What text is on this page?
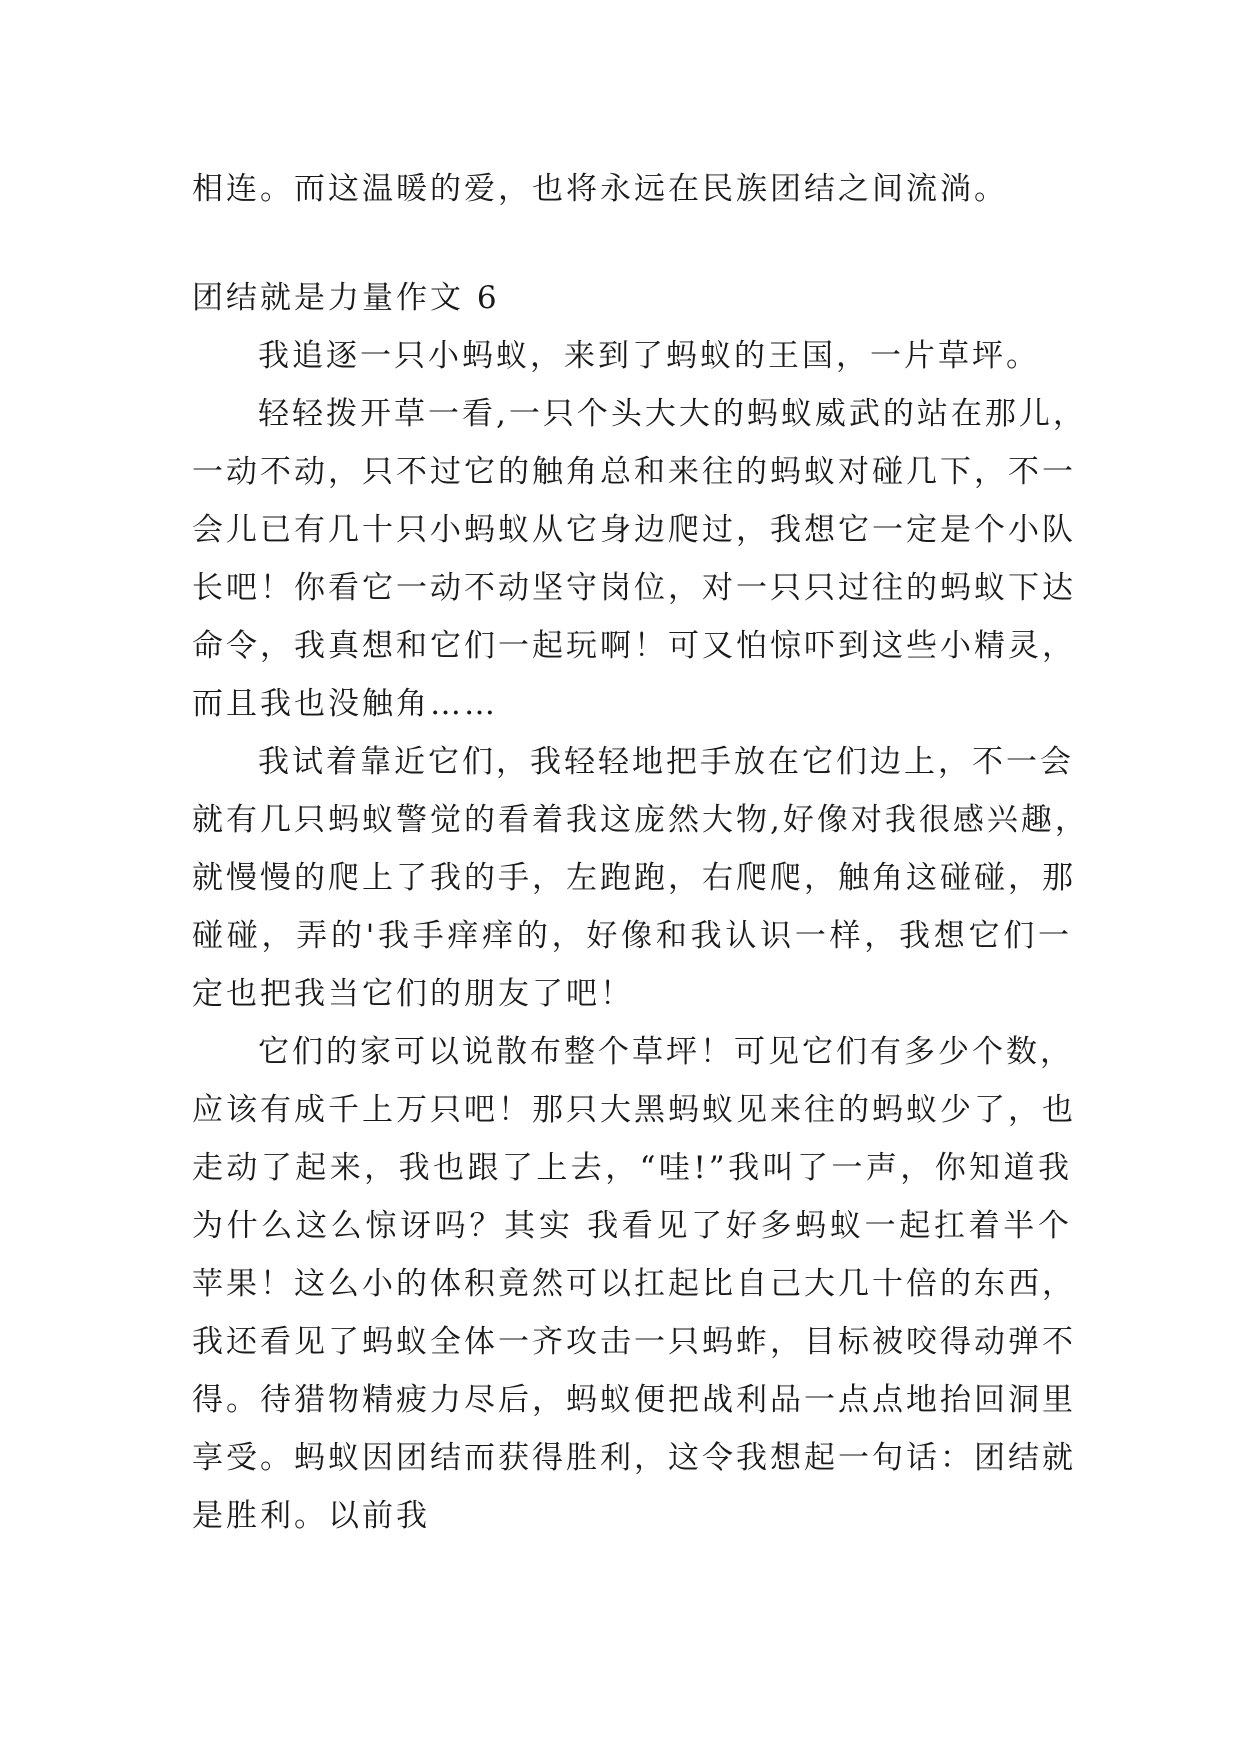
相连。而这温暖的爱，也将永远在民族团结之间流淌。
团结就是力量作文 6
我追逐一只小蚂蚁，来到了蚂蚁的王国，一片草坪。
轻轻拨开草一看,一只个头大大的蚂蚁威武的站在那儿，
一动不动，只不过它的触角总和来往的蚂蚁对碰几下，不一
会儿已有几十只小蚂蚁从它身边爬过，我想它一定是个小队
长吧！你看它一动不动坚守岗位，对一只只过往的蚂蚁下达
命令，我真想和它们一起玩啊！可又怕惊吓到这些小精灵，
而且我也没触角……
我试着靠近它们，我轻轻地把手放在它们边上，不一会
就有几只蚂蚁警觉的看着我这庞然大物,好像对我很感兴趣，
就慢慢的爬上了我的手，左跑跑，右爬爬，触角这碰碰，那
碰碰，弄的'我手痒痒的，好像和我认识一样，我想它们一
定也把我当它们的朋友了吧！
它们的家可以说散布整个草坪！可见它们有多少个数，
应该有成千上万只吧！那只大黑蚂蚁见来往的蚂蚁少了，也
走动了起来，我也跟了上去，“哇!”我叫了一声，你知道我
为什么这么惊讶吗？其实 我看见了好多蚂蚁一起扛着半个
苹果！这么小的体积竟然可以扛起比自己大几十倍的东西，
我还看见了蚂蚁全体一齐攻击一只蚂蚱，目标被咬得动弹不
得。待猎物精疲力尽后，蚂蚁便把战利品一点点地抬回洞里
享受。蚂蚁因团结而获得胜利，这令我想起一句话：团结就
是胜利。以前我
